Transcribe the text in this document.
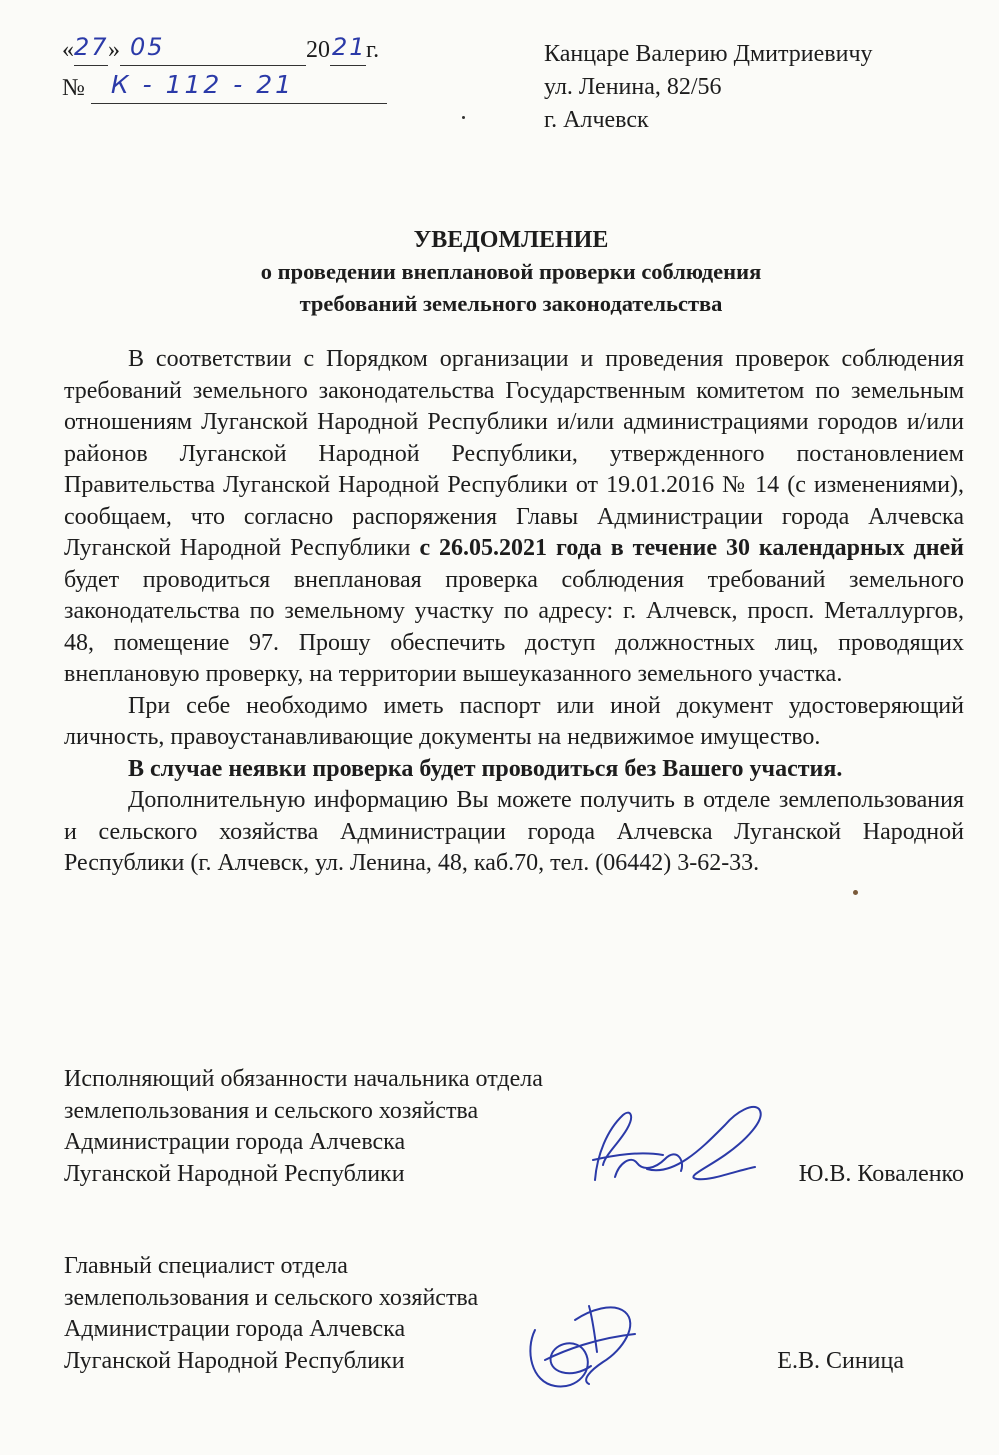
« 27 » 05	20 21 г.
№ К - 112 - 21
Канцаре Валерию Дмитриевичу
ул. Ленина, 82/56
г. Алчевск
УВЕДОМЛЕНИЕ
о проведении внеплановой проверки соблюдения
требований земельного законодательства

В соответствии с Порядком организации и проведения проверок соблюдения требований земельного законодательства Государственным комитетом по земельным отношениям Луганской Народной Республики и/или администрациями городов и/или районов Луганской Народной Республики, утвержденного постановлением Правительства Луганской Народной Республики от 19.01.2016 № 14 (с изменениями), сообщаем, что согласно распоряжения Главы Администрации города Алчевска Луганской Народной Республики с 26.05.2021 года в течение 30 календарных дней будет проводиться внеплановая проверка соблюдения требований земельного законодательства по земельному участку по адресу: г. Алчевск, просп. Металлургов, 48, помещение 97. Прошу обеспечить доступ должностных лиц, проводящих внеплановую проверку, на территории вышеуказанного земельного участка.

При себе необходимо иметь паспорт или иной документ удостоверяющий личность, правоустанавливающие документы на недвижимое имущество.

В случае неявки проверка будет проводиться без Вашего участия.

Дополнительную информацию Вы можете получить в отделе землепользования и сельского хозяйства Администрации города Алчевска Луганской Народной Республики (г. Алчевск, ул. Ленина, 48, каб.70, тел. (06442) 3-62-33.

Исполняющий обязанности начальника отдела
землепользования и сельского хозяйства
Администрации города Алчевска
Луганской Народной Республики	Ю.В. Коваленко
Главный специалист отдела
землепользования и сельского хозяйства
Администрации города Алчевска
Луганской Народной Республики	Е.В. Синица
